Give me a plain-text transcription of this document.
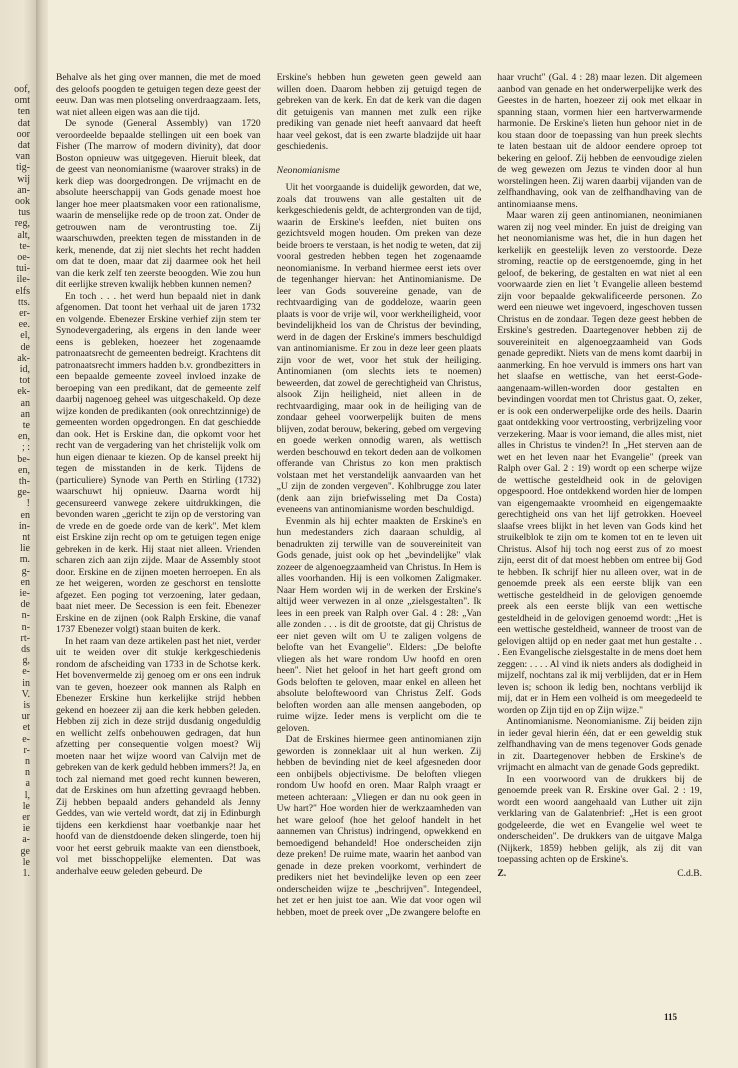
oof,
omt
ten
dat
oor
dat
van
tig-
wij
an-
ook
tus
reg,
alt,
te-
oe-
tui-
ile-
elfs
tts.
er-
ee.
el,
de
ak-
id,
tot
ek-
an
an
te
en,
; :
be-
en,
th-
ge-
!
en
in-
nt
lie
m.
g-
en
ie-
de
n-
n-
rt-
ds
g,
e-
in
V.
is
ur
et
e-
r-
n
n
a
l,
le
er
ie
a-
ge
le
1.

Behalve als het ging over mannen, die met de moed des geloofs poogden te getuigen tegen deze geest der eeuw. Dan was men plotseling onverdraagzaam. Iets, wat niet alleen eigen was aan die tijd.

De synode (General Assembly) van 1720 veroordeelde bepaalde stellingen uit een boek van Fisher (The marrow of modern divinity), dat door Boston opnieuw was uitgegeven. Hieruit bleek, dat de geest van neonomianisme (waarover straks) in de kerk diep was doorgedrongen. De vrijmacht en de absolute heerschappij van Gods genade moest hoe langer hoe meer plaatsmaken voor een rationalisme, waarin de menselijke rede op de troon zat. Onder de getrouwen nam de verontrusting toe. Zij waarschuwden, preekten tegen de misstanden in de kerk, menende, dat zij niet slechts het recht hadden om dat te doen, maar dat zij daarmee ook het heil van die kerk zelf ten zeerste beoogden. Wie zou hun dit eerlijke streven kwalijk hebben kunnen nemen?

En toch . . . het werd hun bepaald niet in dank afgenomen. Dat toont het verhaal uit de jaren 1732 en volgende. Ebenezer Erskine verhief zijn stem ter Synodevergadering, als ergens in den lande weer eens is gebleken, hoezeer het zogenaamde patronaatsrecht de gemeenten bedreigt. Krachtens dit patronaatsrecht immers hadden b.v. grondbezitters in een bepaalde gemeente zoveel invloed inzake de beroeping van een predikant, dat de gemeente zelf daarbij nagenoeg geheel was uitgeschakeld. Op deze wijze konden de predikanten (ook onrechtzinnige) de gemeenten worden opgedrongen. En dat geschiedde dan ook. Het is Erskine dan, die opkomt voor het recht van de vergadering van het christelijk volk om hun eigen dienaar te kiezen. Op de kansel preekt hij tegen de misstanden in de kerk. Tijdens de (particuliere) Synode van Perth en Stirling (1732) waarschuwt hij opnieuw. Daarna wordt hij gecensureerd vanwege zekere uitdrukkingen, die bevonden waren „gericht te zijn op de verstoring van de vrede en de goede orde van de kerk". Met klem eist Erskine zijn recht op om te getuigen tegen enige gebreken in de kerk. Hij staat niet alleen. Vrienden scharen zich aan zijn zijde. Maar de Assembly stoot door. Erskine en de zijnen moeten herroepen. En als ze het weigeren, worden ze geschorst en tenslotte afgezet. Een poging tot verzoening, later gedaan, baat niet meer. De Secession is een feit. Ebenezer Erskine en de zijnen (ook Ralph Erskine, die vanaf 1737 Ebenezer volgt) staan buiten de kerk.

In het raam van deze artikelen past het niet, verder uit te weiden over dit stukje kerkgeschiedenis rondom de afscheiding van 1733 in de Schotse kerk. Het bovenvermelde zij genoeg om er ons een indruk van te geven, hoezeer ook mannen als Ralph en Ebenezer Erskine hun kerkelijke strijd hebben gekend en hoezeer zij aan die kerk hebben geleden. Hebben zij zich in deze strijd dusdanig ongeduldig en wellicht zelfs onbehouwen gedragen, dat hun afzetting per consequentie volgen moest? Wij moeten naar het wijze woord van Calvijn met de gebreken van de kerk geduld hebben immers?! Ja, en toch zal niemand met goed recht kunnen beweren, dat de Erskines om hun afzetting gevraagd hebben. Zij hebben bepaald anders gehandeld als Jenny Geddes, van wie verteld wordt, dat zij in Edinburgh tijdens een kerkdienst haar voetbankje naar het hoofd van de dienstdoende deken slingerde, toen hij voor het eerst gebruik maakte van een dienstboek, vol met bisschoppelijke elementen. Dat was anderhalve eeuw geleden gebeurd. De

Erskine's hebben hun geweten geen geweld aan willen doen. Daarom hebben zij getuigd tegen de gebreken van de kerk. En dat de kerk van die dagen dit getuigenis van mannen met zulk een rijke prediking van genade niet heeft aanvaard dat heeft haar veel gekost, dat is een zwarte bladzijde uit haar geschiedenis.

Neonomianisme

Uit het voorgaande is duidelijk geworden, dat we, zoals dat trouwens van alle gestalten uit de kerkgeschiedenis geldt, de achtergronden van de tijd, waarin de Erskine's leefden, niet buiten ons gezichtsveld mogen houden. Om preken van deze beide broers te verstaan, is het nodig te weten, dat zij vooral gestreden hebben tegen het zogenaamde neonomianisme. In verband hiermee eerst iets over de tegenhanger hiervan: het Antinomianisme. De leer van Gods souvereine genade, van de rechtvaardiging van de goddeloze, waarin geen plaats is voor de vrije wil, voor werkheiligheid, voor bevindelijkheid los van de Christus der bevinding, werd in de dagen der Erskine's immers beschuldigd van antinomianisme. Er zou in deze leer geen plaats zijn voor de wet, voor het stuk der heiliging. Antinomianen (om slechts iets te noemen) beweerden, dat zowel de gerechtigheid van Christus, alsook Zijn heiligheid, niet alleen in de rechtvaardiging, maar ook in de heiliging van de zondaar geheel voorwerpelijk buiten de mens blijven, zodat berouw, bekering, gebed om vergeving en goede werken onnodig waren, als wettisch werden beschouwd en tekort deden aan de volkomen offerande van Christus zo kon men praktisch volstaan met het verstandelijk aanvaarden van het „U zijn de zonden vergeven". Kohlbrugge zou later (denk aan zijn briefwisseling met Da Costa) eveneens van antinomianisme worden beschuldigd.

Evenmin als hij echter maakten de Erskine's en hun medestanders zich daaraan schuldig, al benadrukten zij terwille van de souvereiniteit van Gods genade, juist ook op het „bevindelijke" vlak zozeer de algenoegzaamheid van Christus. In Hem is alles voorhanden. Hij is een volkomen Zaligmaker. Naar Hem worden wij in de werken der Erskine's altijd weer verwezen in al onze „zielsgestalten". Ik lees in een preek van Ralph over Gal. 4 : 28: „Van alle zonden . . . is dit de grootste, dat gij Christus de eer niet geven wilt om U te zaligen volgens de belofte van het Evangelie". Elders: „De belofte vliegen als het ware rondom Uw hoofd en oren heen". Niet het geloof in het hart geeft grond om Gods beloften te geloven, maar enkel en alleen het absolute beloftewoord van Christus Zelf. Gods beloften worden aan alle mensen aangeboden, op ruime wijze. Ieder mens is verplicht om die te geloven.

Dat de Erskines hiermee geen antinomianen zijn geworden is zonneklaar uit al hun werken. Zij hebben de bevinding niet de keel afgesneden door een onbijbels objectivisme. De beloften vliegen rondom Uw hoofd en oren. Maar Ralph vraagt er meteen achteraan: „Vliegen er dan nu ook geen in Uw hart?" Hoe worden hier de werkzaamheden van het ware geloof (hoe het geloof handelt in het aannemen van Christus) indringend, opwekkend en bemoedigend behandeld! Hoe onderscheiden zijn deze preken! De ruime mate, waarin het aanbod van genade in deze preken voorkomt, verhindert de predikers niet het bevindelijke leven op een zeer onderscheiden wijze te „beschrijven". Integendeel, het zet er hen juist toe aan. Wie dat voor ogen wil hebben, moet de preek over „De zwangere belofte en

haar vrucht" (Gal. 4 : 28) maar lezen. Dit algemeen aanbod van genade en het onderwerpelijke werk des Geestes in de harten, hoezeer zij ook met elkaar in spanning staan, vormen hier een hartverwarmende harmonie. De Erskine's lieten hun gehoor niet in de kou staan door de toepassing van hun preek slechts te laten bestaan uit de aldoor eendere oproep tot bekering en geloof. Zij hebben de eenvoudige zielen de weg gewezen om Jezus te vinden door al hun worstelingen heen. Zij waren daarbij vijanden van de zelfhandhaving, ook van de zelfhandhaving van de antinomiaanse mens.

Maar waren zij geen antinomianen, neonimianen waren zij nog veel minder. En juist de dreiging van het neonomianisme was het, die in hun dagen het kerkelijk en geestelijk leven zo verstoorde. Deze stroming, reactie op de eerstgenoemde, ging in het geloof, de bekering, de gestalten en wat niet al een voorwaarde zien en liet 't Evangelie alleen bestemd zijn voor bepaalde gekwalificeerde personen. Zo werd een nieuwe wet ingevoerd, ingeschoven tussen Christus en de zondaar. Tegen deze geest hebben de Erskine's gestreden. Daartegenover hebben zij de souvereiniteit en algenoegzaamheid van Gods genade gepredikt. Niets van de mens komt daarbij in aanmerking. En hoe vervuld is immers ons hart van het slaafse en wettische, van het eerst-Gode-aangenaam-willen-worden door gestalten en bevindingen voordat men tot Christus gaat. O, zeker, er is ook een onderwerpelijke orde des heils. Daarin gaat ontdekking voor vertroosting, verbrijzeling voor verzekering. Maar is voor iemand, die alles mist, niet alles in Christus te vinden?! In „Het sterven aan de wet en het leven naar het Evangelie" (preek van Ralph over Gal. 2 : 19) wordt op een scherpe wijze de wettische gesteldheid ook in de gelovigen opgespoord. Hoe ontdekkend worden hier de lompen van eigengemaakte vroomheid en eigengemaakte gerechtigheid ons van het lijf getrokken. Hoeveel slaafse vrees blijkt in het leven van Gods kind het struikelblok te zijn om te komen tot en te leven uit Christus. Alsof hij toch nog eerst zus of zo moest zijn, eerst dit of dat moest hebben om entree bij God te hebben. Ik schrijf hier nu alleen over, wat in de genoemde preek als een eerste blijk van een wettische gesteldheid in de gelovigen genoemde preek als een eerste blijk van een wettische gesteldheid in de gelovigen genoemd wordt: „Het is een wettische gesteldheid, wanneer de troost van de gelovigen altijd op en neder gaat met hun gestalte . . . Een Evangelische zielsgestalte in de mens doet hem zeggen: . . . . Al vind ik niets anders als dodigheid in mijzelf, nochtans zal ik mij verblijden, dat er in Hem leven is; schoon ik ledig ben, nochtans verblijd ik mij, dat er in Hem een volheid is om meegedeeld te worden op Zijn tijd en op Zijn wijze."

Antinomianisme. Neonomianisme. Zij beiden zijn in ieder geval hierin één, dat er een geweldig stuk zelfhandhaving van de mens tegenover Gods genade in zit. Daartegenover hebben de Erskine's de vrijmacht en almacht van de genade Gods gepredikt.

In een voorwoord van de drukkers bij de genoemde preek van R. Erskine over Gal. 2 : 19, wordt een woord aangehaald van Luther uit zijn verklaring van de Galatenbrief: „Het is een groot godgeleerde, die wet en Evangelie wel weet te onderscheiden". De drukkers van de uitgave Malga (Nijkerk, 1859) hebben gelijk, als zij dit van toepassing achten op de Erskine's.

Z.	C.d.B.
115
